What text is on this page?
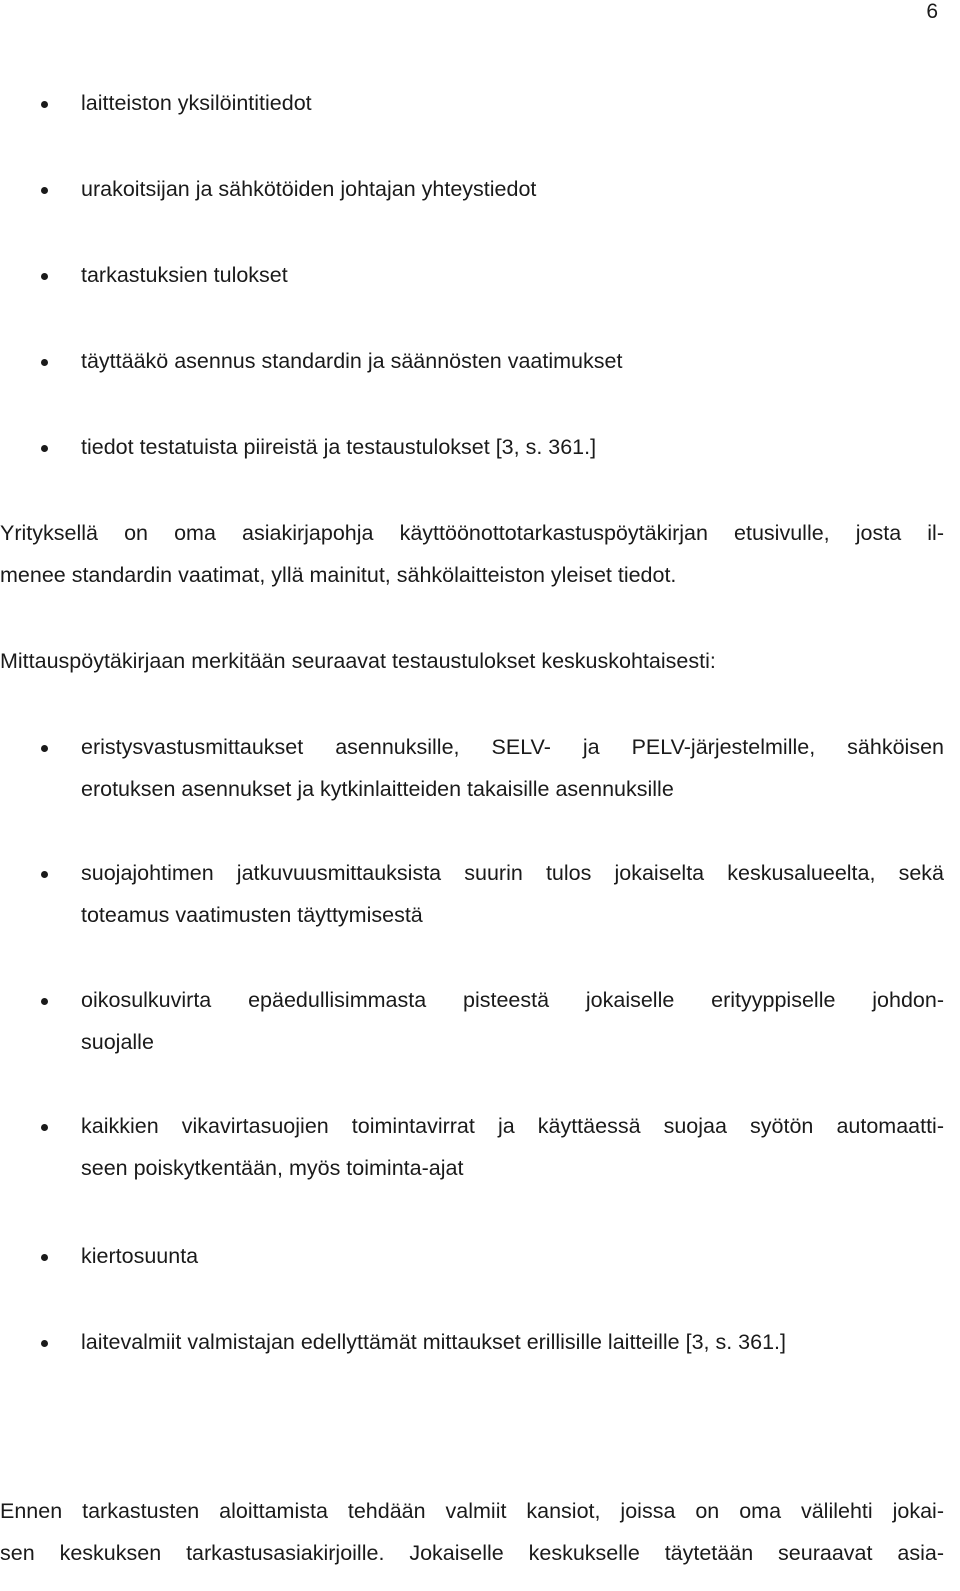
6
laitteiston yksilöintitiedot
urakoitsijan ja sähkötöiden johtajan yhteystiedot
tarkastuksien tulokset
täyttääkö asennus standardin ja säännösten vaatimukset
tiedot testatuista piireistä ja testaustulokset [3, s. 361.]
Yrityksellä on oma asiakirjapohja käyttöönottotarkastuspöytäkirjan etusivulle, josta il-
menee standardin vaatimat, yllä mainitut, sähkölaitteiston yleiset tiedot.
Mittauspöytäkirjaan merkitään seuraavat testaustulokset keskuskohtaisesti:
eristysvastusmittaukset asennuksille, SELV- ja PELV-järjestelmille, sähköisen
erotuksen asennukset ja kytkinlaitteiden takaisille asennuksille
suojajohtimen jatkuvuusmittauksista suurin tulos jokaiselta keskusalueelta, sekä
toteamus vaatimusten täyttymisestä
oikosulkuvirta epäedullisimmasta pisteestä jokaiselle erityyppiselle johdon-
suojalle
kaikkien vikavirtasuojien toimintavirrat ja käyttäessä suojaa syötön automaatti-
seen poiskytkentään, myös toiminta-ajat
kiertosuunta
laitevalmiit valmistajan edellyttämät mittaukset erillisille laitteille [3, s. 361.]
Ennen tarkastusten aloittamista tehdään valmiit kansiot, joissa on oma välilehti jokai-
sen keskuksen tarkastusasiakirjoille. Jokaiselle keskukselle täytetään seuraavat asia-
